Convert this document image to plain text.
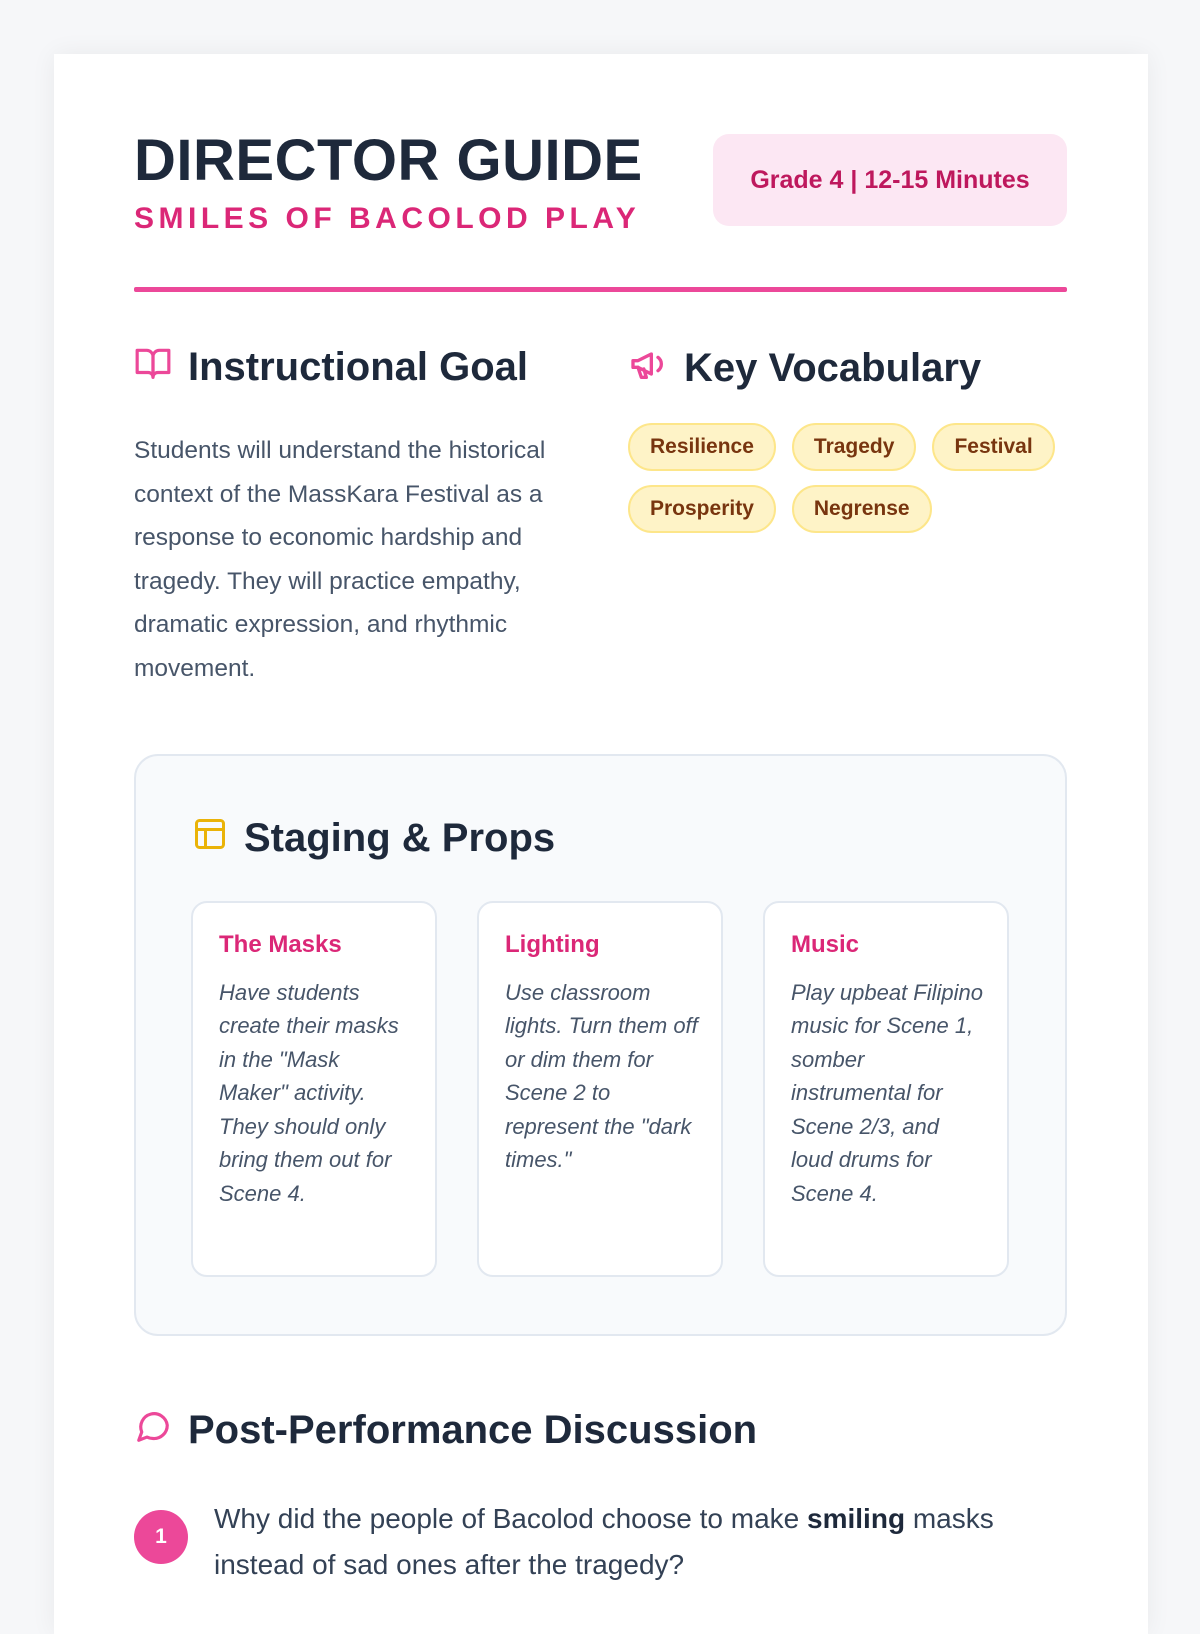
DIRECTOR GUIDE
SMILES OF BACOLOD PLAY
Grade 4 | 12-15 Minutes
Instructional Goal

Students will understand the historical context of the MassKara Festival as a response to economic hardship and tragedy. They will practice empathy, dramatic expression, and rhythmic movement.

Key Vocabulary
Resilience	Tragedy	Festival
Prosperity	Negrense
Staging & Props
The Masks

Have students create their masks in the "Mask Maker" activity. They should only bring them out for Scene 4.

Lighting

Use classroom lights. Turn them off or dim them for Scene 2 to represent the "dark times."

Music

Play upbeat Filipino music for Scene 1, somber instrumental for Scene 2/3, and loud drums for Scene 4.

Post-Performance Discussion
1

Why did the people of Bacolod choose to make smiling masks instead of sad ones after the tragedy?
